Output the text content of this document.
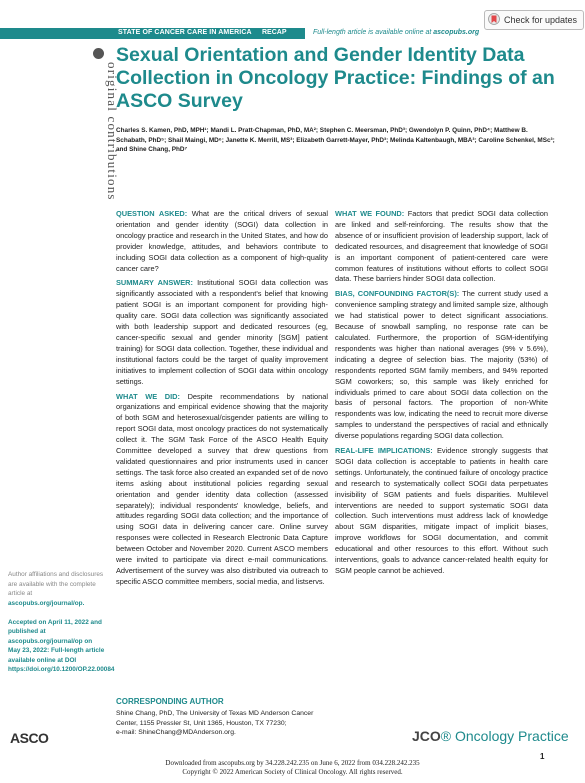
STATE OF CANCER CARE IN AMERICA RECAP	Full-length article is available online at ascopubs.org
Check for updates
original contributions
Sexual Orientation and Gender Identity Data Collection in Oncology Practice: Findings of an ASCO Survey
Charles S. Kamen, PhD, MPH¹; Mandi L. Pratt-Chapman, PhD, MA²; Stephen C. Meersman, PhD³; Gwendolyn P. Quinn, PhD⁴; Matthew B. Schabath, PhD⁵; Shail Maingi, MD⁶; Janette K. Merrill, MS³; Elizabeth Garrett-Mayer, PhD³; Melinda Kaltenbaugh, MBA³; Caroline Schenkel, MSc³; and Shine Chang, PhD⁷

QUESTION ASKED: What are the critical drivers of sexual orientation and gender identity (SOGI) data collection in oncology practice and research in the United States, and how do provider knowledge, attitudes, and behaviors contribute to including SOGI data collection as a component of high-quality cancer care?

SUMMARY ANSWER: Institutional SOGI data collection was significantly associated with a respondent's belief that knowing patient SOGI is an important component for providing high-quality care. SOGI data collection was significantly associated with both leadership support and dedicated resources (eg, cancer-specific sexual and gender minority [SGM] patient training) for SOGI data collection. Together, these individual and institutional factors could be the target of quality improvement initiatives to implement collection of SOGI data within oncology settings.

WHAT WE DID: Despite recommendations by national organizations and empirical evidence showing that the majority of both SGM and heterosexual/cisgender patients are willing to report SOGI data, most oncology practices do not systematically collect it. The SGM Task Force of the ASCO Health Equity Committee developed a survey that drew questions from validated questionnaires and prior instruments used in cancer settings. The task force also created an expanded set of de novo items asking about institutional policies regarding sexual orientation and gender identity data collection (assessed separately); individual respondents' knowledge, beliefs, and attitudes regarding SOGI data collection; and the importance of using SOGI data in delivering cancer care. Online survey responses were collected in Research Electronic Data Capture between October and November 2020. Current ASCO members were invited to participate via direct e-mail communications. Advertisement of the survey was also distributed via outreach to specific ASCO committee members, social media, and listservs.

WHAT WE FOUND: Factors that predict SOGI data collection are linked and self-reinforcing. The results show that the absence of or insufficient provision of leadership support, lack of dedicated resources, and disagreement that knowledge of SOGI is an important component of patient-centered care were common features of institutions without efforts to collect SOGI data. These barriers hinder SOGI data collection.

BIAS, CONFOUNDING FACTOR(S): The current study used a convenience sampling strategy and limited sample size, although we had statistical power to detect significant associations. Because of snowball sampling, no response rate can be calculated. Furthermore, the proportion of SGM-identifying respondents was higher than national averages (9% v 5.6%), indicating a degree of selection bias. The majority (53%) of respondents reported SGM family members, and 94% reported SGM coworkers; so, this sample was likely enriched for individuals primed to care about SOGI data collection on the basis of personal factors. The proportion of non-White respondents was low, indicating the need to recruit more diverse samples to understand the perspectives of racial and ethnically diverse populations regarding SOGI data collection.

REAL-LIFE IMPLICATIONS: Evidence strongly suggests that SOGI data collection is acceptable to patients in health care settings. Unfortunately, the continued failure of oncology practice and research to systematically collect SOGI data perpetuates invisibility of SGM patients and fuels disparities. Multilevel interventions are needed to support systematic SOGI data collection. Such interventions must address lack of knowledge about SGM disparities, mitigate impact of implicit biases, improve workflows for SOGI documentation, and commit educational and other resources to this effort. Without such interventions, goals to advance cancer-related health equity for SGM people cannot be achieved.

Author affiliations and disclosures are available with the complete article at ascopubs.org/journal/op.

Accepted on April 11, 2022 and published at ascopubs.org/journal/op on May 23, 2022: Full-length article available online at DOI https://doi.org/10.1200/OP.22.00084
CORRESPONDING AUTHOR
Shine Chang, PhD, The University of Texas MD Anderson Cancer Center, 1155 Pressler St, Unit 1365, Houston, TX 77230;
e-mail: ShineChang@MDAnderson.org.
ASCO	JCO® Oncology Practice
1
Downloaded from ascopubs.org by 34.228.242.235 on June 6, 2022 from 034.228.242.235
Copyright © 2022 American Society of Clinical Oncology. All rights reserved.
